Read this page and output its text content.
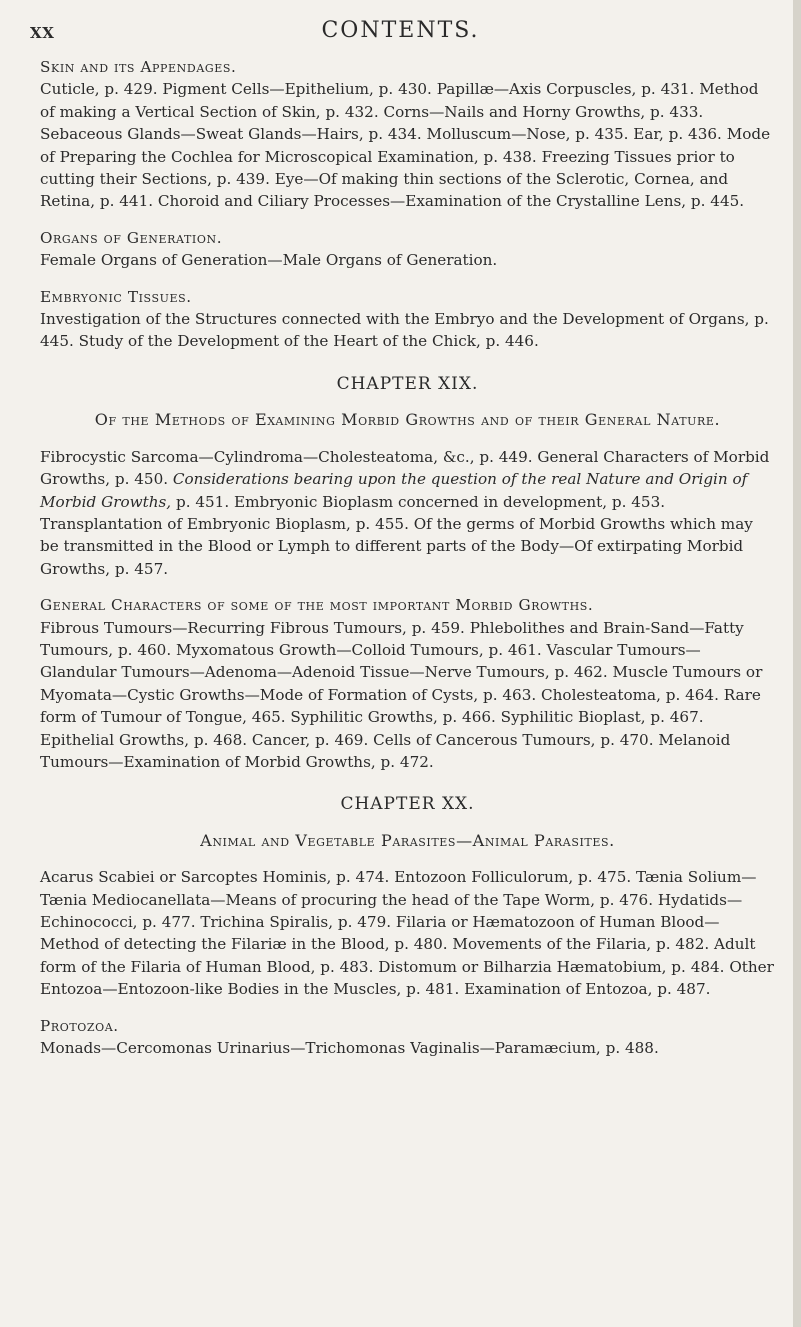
xx	CONTENTS.

Skin and its Appendages.

Cuticle, p. 429. Pigment Cells—Epithelium, p. 430. Papillæ—Axis Corpuscles, p. 431. Method of making a Vertical Section of Skin, p. 432. Corns—Nails and Horny Growths, p. 433. Sebaceous Glands—Sweat Glands—Hairs, p. 434. Molluscum—Nose, p. 435. Ear, p. 436. Mode of Preparing the Cochlea for Microscopical Examination, p. 438. Freezing Tissues prior to cutting their Sections, p. 439. Eye—Of making thin sections of the Sclerotic, Cornea, and Retina, p. 441. Choroid and Ciliary Processes—Examination of the Crystalline Lens, p. 445.

Organs of Generation.

Female Organs of Generation—Male Organs of Generation.

Embryonic Tissues.

Investigation of the Structures connected with the Embryo and the Development of Organs, p. 445. Study of the Development of the Heart of the Chick, p. 446.

CHAPTER XIX.

Of the Methods of Examining Morbid Growths and of their General Nature.

Fibrocystic Sarcoma—Cylindroma—Cholesteatoma, &c., p. 449. General Characters of Morbid Growths, p. 450. Considerations bearing upon the question of the real Nature and Origin of Morbid Growths, p. 451. Embryonic Bioplasm concerned in development, p. 453. Transplantation of Embryonic Bioplasm, p. 455. Of the germs of Morbid Growths which may be transmitted in the Blood or Lymph to different parts of the Body—Of extirpating Morbid Growths, p. 457.

General Characters of some of the most important Morbid Growths.

Fibrous Tumours—Recurring Fibrous Tumours, p. 459. Phlebolithes and Brain-Sand—Fatty Tumours, p. 460. Myxomatous Growth—Colloid Tumours, p. 461. Vascular Tumours—Glandular Tumours—Adenoma—Adenoid Tissue—Nerve Tumours, p. 462. Muscle Tumours or Myomata—Cystic Growths—Mode of Formation of Cysts, p. 463. Cholesteatoma, p. 464. Rare form of Tumour of Tongue, 465. Syphilitic Growths, p. 466. Syphilitic Bioplast, p. 467. Epithelial Growths, p. 468. Cancer, p. 469. Cells of Cancerous Tumours, p. 470. Melanoid Tumours—Examination of Morbid Growths, p. 472.

CHAPTER XX.

Animal and Vegetable Parasites—Animal Parasites.

Acarus Scabiei or Sarcoptes Hominis, p. 474. Entozoon Folliculorum, p. 475. Tænia Solium—Tænia Mediocanellata—Means of procuring the head of the Tape Worm, p. 476. Hydatids—Echinococci, p. 477. Trichina Spiralis, p. 479. Filaria or Hæmatozoon of Human Blood—Method of detecting the Filariæ in the Blood, p. 480. Movements of the Filaria, p. 482. Adult form of the Filaria of Human Blood, p. 483. Distomum or Bilharzia Hæmatobium, p. 484. Other Entozoa—Entozoon-like Bodies in the Muscles, p. 481. Examination of Entozoa, p. 487.

Protozoa.

Monads—Cercomonas Urinarius—Trichomonas Vaginalis—Paramæcium, p. 488.
